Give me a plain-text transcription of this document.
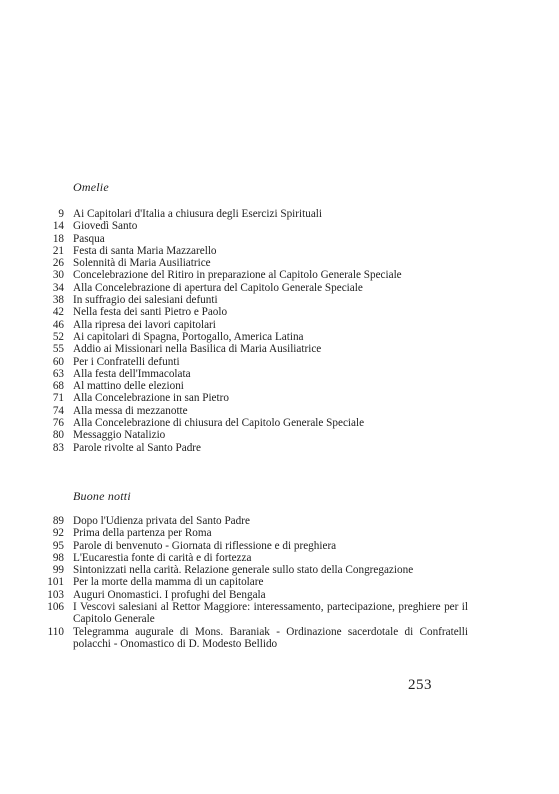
Omelie
9 Ai Capitolari d'Italia a chiusura degli Esercizi Spirituali
14 Giovedì Santo
18 Pasqua
21 Festa di santa Maria Mazzarello
26 Solennità di Maria Ausiliatrice
30 Concelebrazione del Ritiro in preparazione al Capitolo Generale Speciale
34 Alla Concelebrazione di apertura del Capitolo Generale Speciale
38 In suffragio dei salesiani defunti
42 Nella festa dei santi Pietro e Paolo
46 Alla ripresa dei lavori capitolari
52 Ai capitolari di Spagna, Portogallo, America Latina
55 Addio ai Missionari nella Basilica di Maria Ausiliatrice
60 Per i Confratelli defunti
63 Alla festa dell'Immacolata
68 Al mattino delle elezioni
71 Alla Concelebrazione in san Pietro
74 Alla messa di mezzanotte
76 Alla Concelebrazione di chiusura del Capitolo Generale Speciale
80 Messaggio Natalizio
83 Parole rivolte al Santo Padre
Buone notti
89 Dopo l'Udienza privata del Santo Padre
92 Prima della partenza per Roma
95 Parole di benvenuto - Giornata di riflessione e di preghiera
98 L'Eucarestia fonte di carità e di fortezza
99 Sintonizzati nella carità. Relazione generale sullo stato della Congregazione
101 Per la morte della mamma di un capitolare
103 Auguri Onomastici. I profughi del Bengala
106 I Vescovi salesiani al Rettor Maggiore: interessamento, partecipazione, preghiere per il Capitolo Generale
110 Telegramma augurale di Mons. Baraniak - Ordinazione sacerdotale di Confratelli polacchi - Onomastico di D. Modesto Bellido
253
